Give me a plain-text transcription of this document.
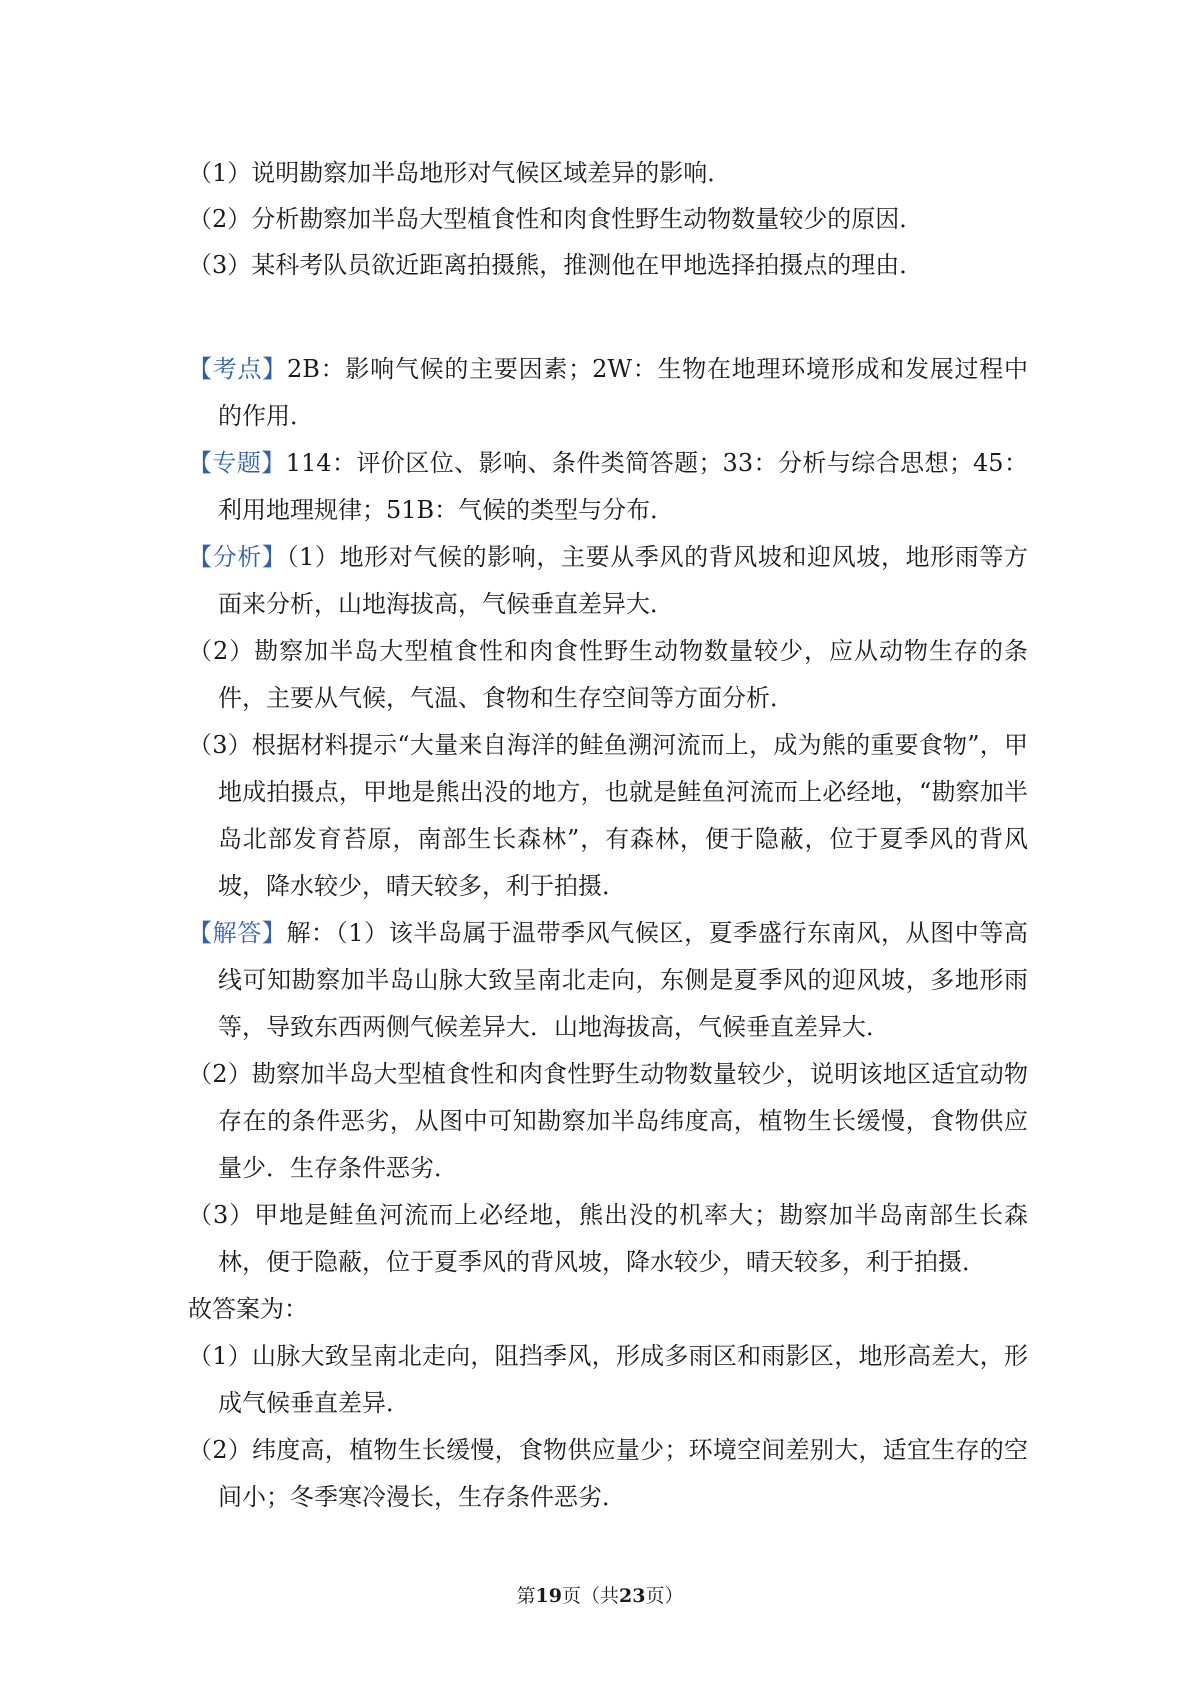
（1）说明勘察加半岛地形对气候区域差异的影响．

（2）分析勘察加半岛大型植食性和肉食性野生动物数量较少的原因．

（3）某科考队员欲近距离拍摄熊，推测他在甲地选择拍摄点的理由．

【考点】2B：影响气候的主要因素；2W：生物在地理环境形成和发展过程中的作用．

【专题】114：评价区位、影响、条件类简答题；33：分析与综合思想；45：利用地理规律；51B：气候的类型与分布．

【分析】（1）地形对气候的影响，主要从季风的背风坡和迎风坡，地形雨等方面来分析，山地海拔高，气候垂直差异大．

（2）勘察加半岛大型植食性和肉食性野生动物数量较少，应从动物生存的条件，主要从气候，气温、食物和生存空间等方面分析．

（3）根据材料提示“大量来自海洋的鲑鱼溯河流而上，成为熊的重要食物”，甲地成拍摄点，甲地是熊出没的地方，也就是鲑鱼河流而上必经地，“勘察加半岛北部发育苔原，南部生长森林”，有森林，便于隐蔽，位于夏季风的背风坡，降水较少，晴天较多，利于拍摄．

【解答】解：（1）该半岛属于温带季风气候区，夏季盛行东南风，从图中等高线可知勘察加半岛山脉大致呈南北走向，东侧是夏季风的迎风坡，多地形雨等，导致东西两侧气候差异大．山地海拔高，气候垂直差异大．

（2）勘察加半岛大型植食性和肉食性野生动物数量较少，说明该地区适宜动物存在的条件恶劣，从图中可知勘察加半岛纬度高，植物生长缓慢，食物供应量少．生存条件恶劣．

（3）甲地是鲑鱼河流而上必经地，熊出没的机率大；勘察加半岛南部生长森林，便于隐蔽，位于夏季风的背风坡，降水较少，晴天较多，利于拍摄．

故答案为：

（1）山脉大致呈南北走向，阻挡季风，形成多雨区和雨影区，地形高差大，形成气候垂直差异．

（2）纬度高，植物生长缓慢，食物供应量少；环境空间差别大，适宜生存的空间小；冬季寒冷漫长，生存条件恶劣．

第19页（共23页）
